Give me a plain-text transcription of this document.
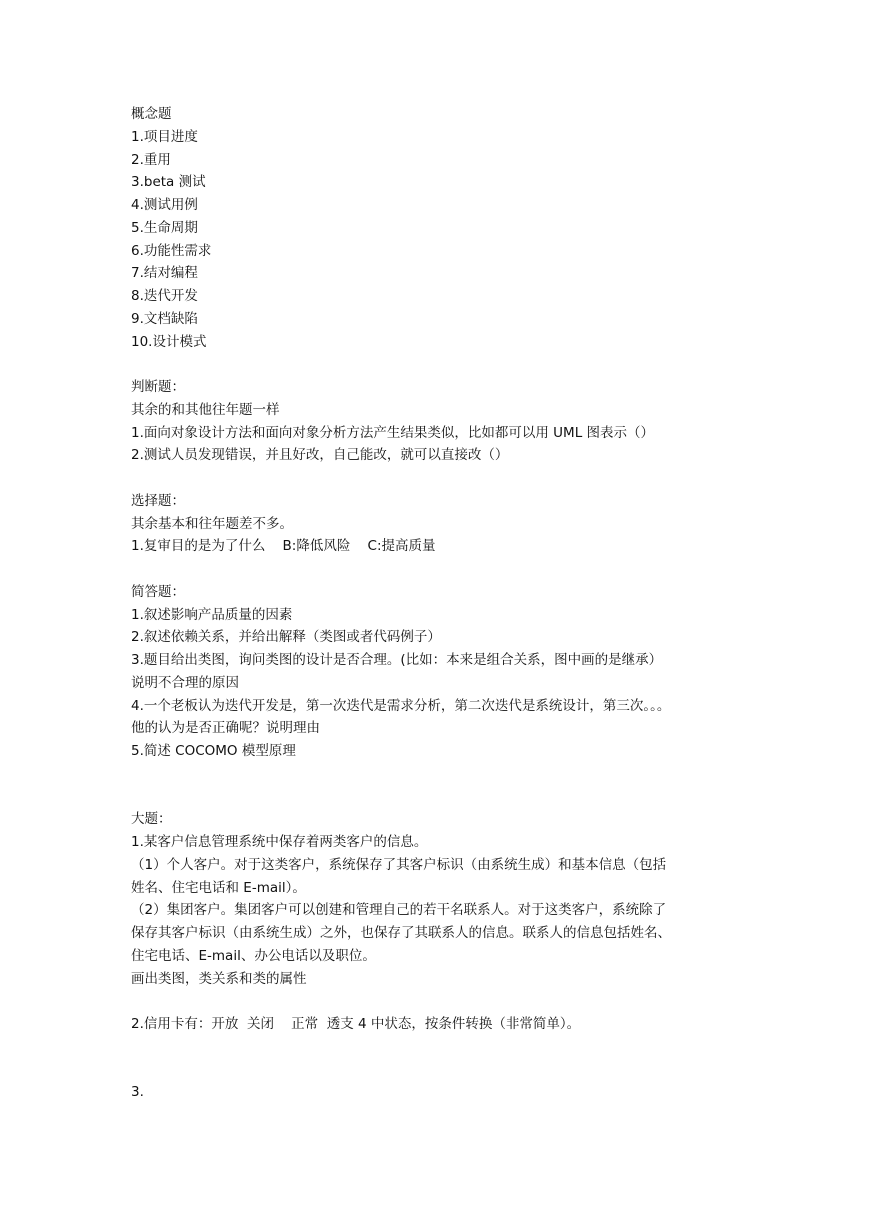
概念题
1.项目进度
2.重用
3.beta 测试
4.测试用例
5.生命周期
6.功能性需求
7.结对编程
8.迭代开发
9.文档缺陷
10.设计模式
判断题：
其余的和其他往年题一样
1.面向对象设计方法和面向对象分析方法产生结果类似，比如都可以用 UML 图表示（）
2.测试人员发现错误，并且好改，自己能改，就可以直接改（）
选择题：
其余基本和往年题差不多。
1.复审目的是为了什么    B:降低风险    C:提高质量
简答题：
1.叙述影响产品质量的因素
2.叙述依赖关系，并给出解释（类图或者代码例子）
3.题目给出类图，询问类图的设计是否合理。(比如：本来是组合关系，图中画的是继承）
说明不合理的原因
4.一个老板认为迭代开发是，第一次迭代是需求分析，第二次迭代是系统设计，第三次。。。
他的认为是否正确呢？说明理由
5.简述 COCOMO 模型原理
大题：
1.某客户信息管理系统中保存着两类客户的信息。
（1）个人客户。对于这类客户，系统保存了其客户标识（由系统生成）和基本信息（包括
姓名、住宅电话和 E-mail）。
（2）集团客户。集团客户可以创建和管理自己的若干名联系人。对于这类客户，系统除了
保存其客户标识（由系统生成）之外，也保存了其联系人的信息。联系人的信息包括姓名、
住宅电话、E-mail、办公电话以及职位。
画出类图，类关系和类的属性
2.信用卡有：开放  关闭    正常  透支 4 中状态，按条件转换（非常简单）。
3.
